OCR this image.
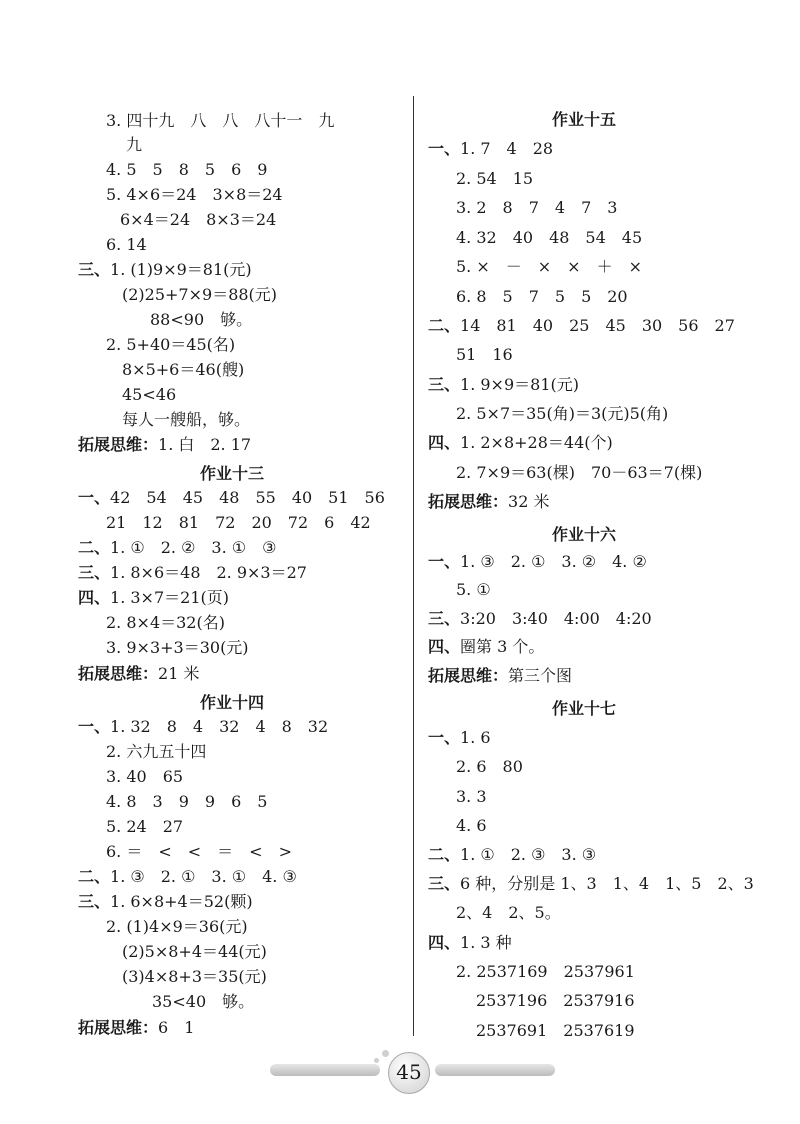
3. 四十九　八　八　八十一　九
九
4. 5　5　8　5　6　9
5. 4×6＝24　3×8＝24
6×4＝24　8×3＝24
6. 14
三、1. (1)9×9＝81(元)
(2)25+7×9＝88(元)
88<90　够。
2. 5+40＝45(名)
8×5+6＝46(艘)
45<46
每人一艘船，够。
拓展思维：1. 白　2. 17
作业十三
一、42　54　45　48　55　40　51　56
21　12　81　72　20　72　6　42
二、1. ①　2. ②　3. ①　③
三、1. 8×6＝48　2. 9×3＝27
四、1. 3×7＝21(页)
2. 8×4＝32(名)
3. 9×3+3＝30(元)
拓展思维：21 米
作业十四
一、1. 32　8　4　32　4　8　32
2. 六九五十四
3. 40　65
4. 8　3　9　9　6　5
5. 24　27
6. ＝　<　<　＝　<　>
二、1. ③　2. ①　3. ①　4. ③
三、1. 6×8+4＝52(颗)
2. (1)4×9＝36(元)
(2)5×8+4＝44(元)
(3)4×8+3＝35(元)
35<40　够。
拓展思维：6　1
作业十五
一、1. 7　4　28
2. 54　15
3. 2　8　7　4　7　3
4. 32　40　48　54　45
5. ×　－　×　×　＋　×
6. 8　5　7　5　5　20
二、14　81　40　25　45　30　56　27
51　16
三、1. 9×9＝81(元)
2. 5×7＝35(角)＝3(元)5(角)
四、1. 2×8+28＝44(个)
2. 7×9＝63(棵)　70－63＝7(棵)
拓展思维：32 米
作业十六
一、1. ③　2. ①　3. ②　4. ②
5. ①
三、3:20　3:40　4:00　4:20
四、圈第 3 个。
拓展思维：第三个图
作业十七
一、1. 6
2. 6　80
3. 3
4. 6
二、1. ①　2. ③　3. ③
三、6 种，分别是 1、3　1、4　1、5　2、3
2、4　2、5。
四、1. 3 种
2. 2537169　2537961
2537196　2537916
2537691　2537619
45
